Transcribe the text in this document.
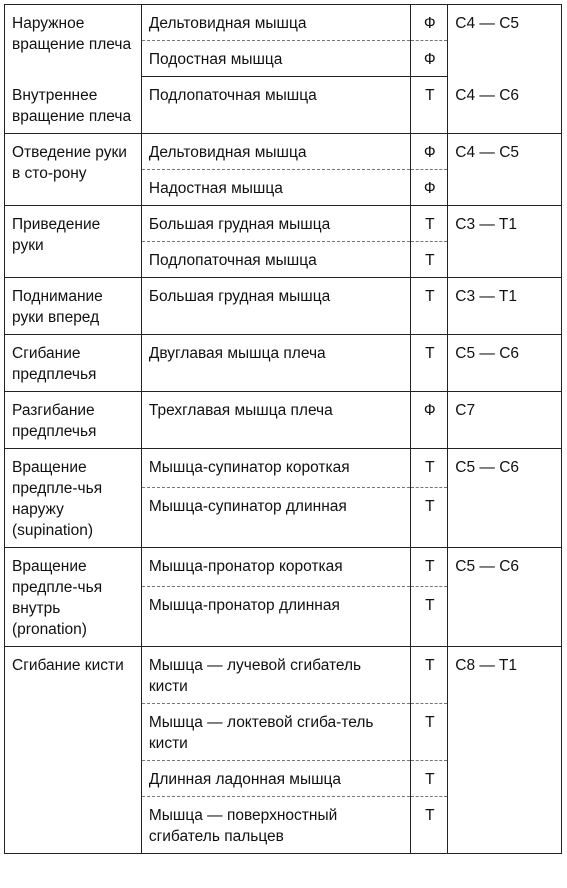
Наружное вращение плеча	Дельтовидная мышца	Ф	C4 — C5
	Подостная мышца	Ф	
Внутреннее вращение плеча	Подлопаточная мышца	Т	C4 — C6
Отведение руки в сто-рону	Дельтовидная мышца	Ф	C4 — C5
	Надостная мышца	Ф	
Приведение руки	Большая грудная мышца	Т	C3 — T1
	Подлопаточная мышца	Т	
Поднимание руки вперед	Большая грудная мышца	Т	C3 — T1
Сгибание предплечья	Двуглавая мышца плеча	Т	C5 — C6
Разгибание предплечья	Трехглавая мышца плеча	Ф	C7
Вращение предпле-чья наружу (supination)	Мышца-супинатор короткая	Т	C5 — C6
	Мышца-супинатор длинная	Т	
Вращение предпле-чья внутрь (pronation)	Мышца-пронатор короткая	Т	C5 — C6
	Мышца-пронатор длинная	Т	
Сгибание кисти	Мышца — лучевой сгибатель кисти	Т	C8 — T1
	Мышца — локтевой сгиба-тель кисти	Т	
	Длинная ладонная мышца	Т	
	Мышца — поверхностный сгибатель пальцев	Т	
